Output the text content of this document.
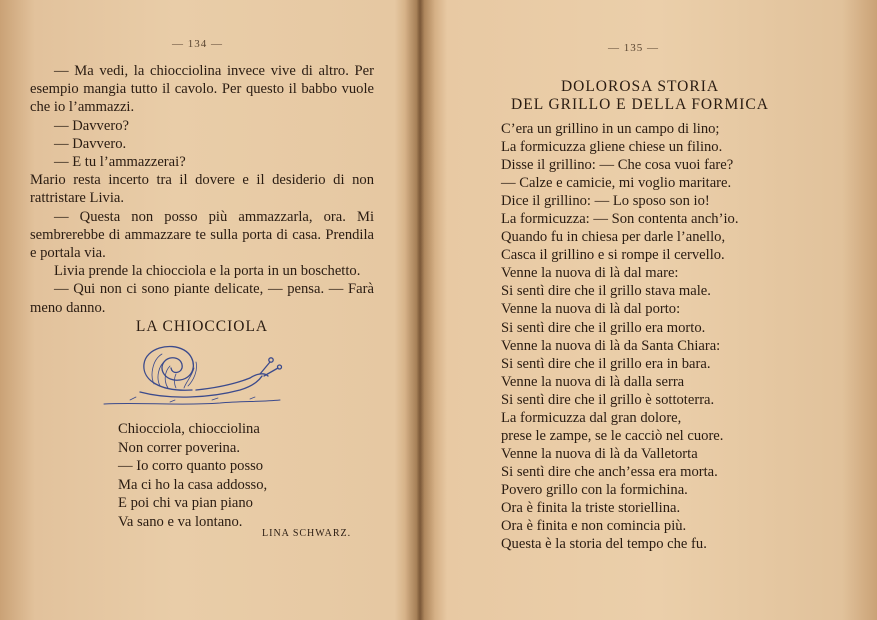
— 134 —

— Ma vedi, la chiocciolina invece vive di altro. Per esempio mangia tutto il cavolo. Per questo il babbo vuole che io l’ammazzi.

— Davvero?

— Davvero.

— E tu l’ammazzerai?

Mario resta incerto tra il dovere e il desiderio di non rattristare Livia.

— Questa non posso più ammazzarla, ora. Mi sembrerebbe di ammazzare te sulla porta di casa. Prendila e portala via.

Livia prende la chiocciola e la porta in un boschetto.

— Qui non ci sono piante delicate, — pensa. — Farà meno danno.

LA CHIOCCIOLA
Chiocciola, chiocciolina
Non correr poverina.
— Io corro quanto posso
Ma ci ho la casa addosso,
E poi chi va pian piano
Va sano e va lontano.
LINA SCHWARZ.
— 135 —
DOLOROSA STORIA
DEL GRILLO E DELLA FORMICA
C’era un grillino in un campo di lino;
La formicuzza gliene chiese un filino.
Disse il grillino: — Che cosa vuoi fare?
— Calze e camicie, mi voglio maritare.
Dice il grillino: — Lo sposo son io!
La formicuzza: — Son contenta anch’io.
Quando fu in chiesa per darle l’anello,
Casca il grillino e si rompe il cervello.
Venne la nuova di là dal mare:
Si sentì dire che il grillo stava male.
Venne la nuova di là dal porto:
Si sentì dire che il grillo era morto.
Venne la nuova di là da Santa Chiara:
Si sentì dire che il grillo era in bara.
Venne la nuova di là dalla serra
Si sentì dire che il grillo è sottoterra.
La formicuzza dal gran dolore,
prese le zampe, se le cacciò nel cuore.
Venne la nuova di là da Valletorta
Si sentì dire che anch’essa era morta.
Povero grillo con la formichina.
Ora è finita la triste storiellina.
Ora è finita e non comincia più.
Questa è la storia del tempo che fu.
